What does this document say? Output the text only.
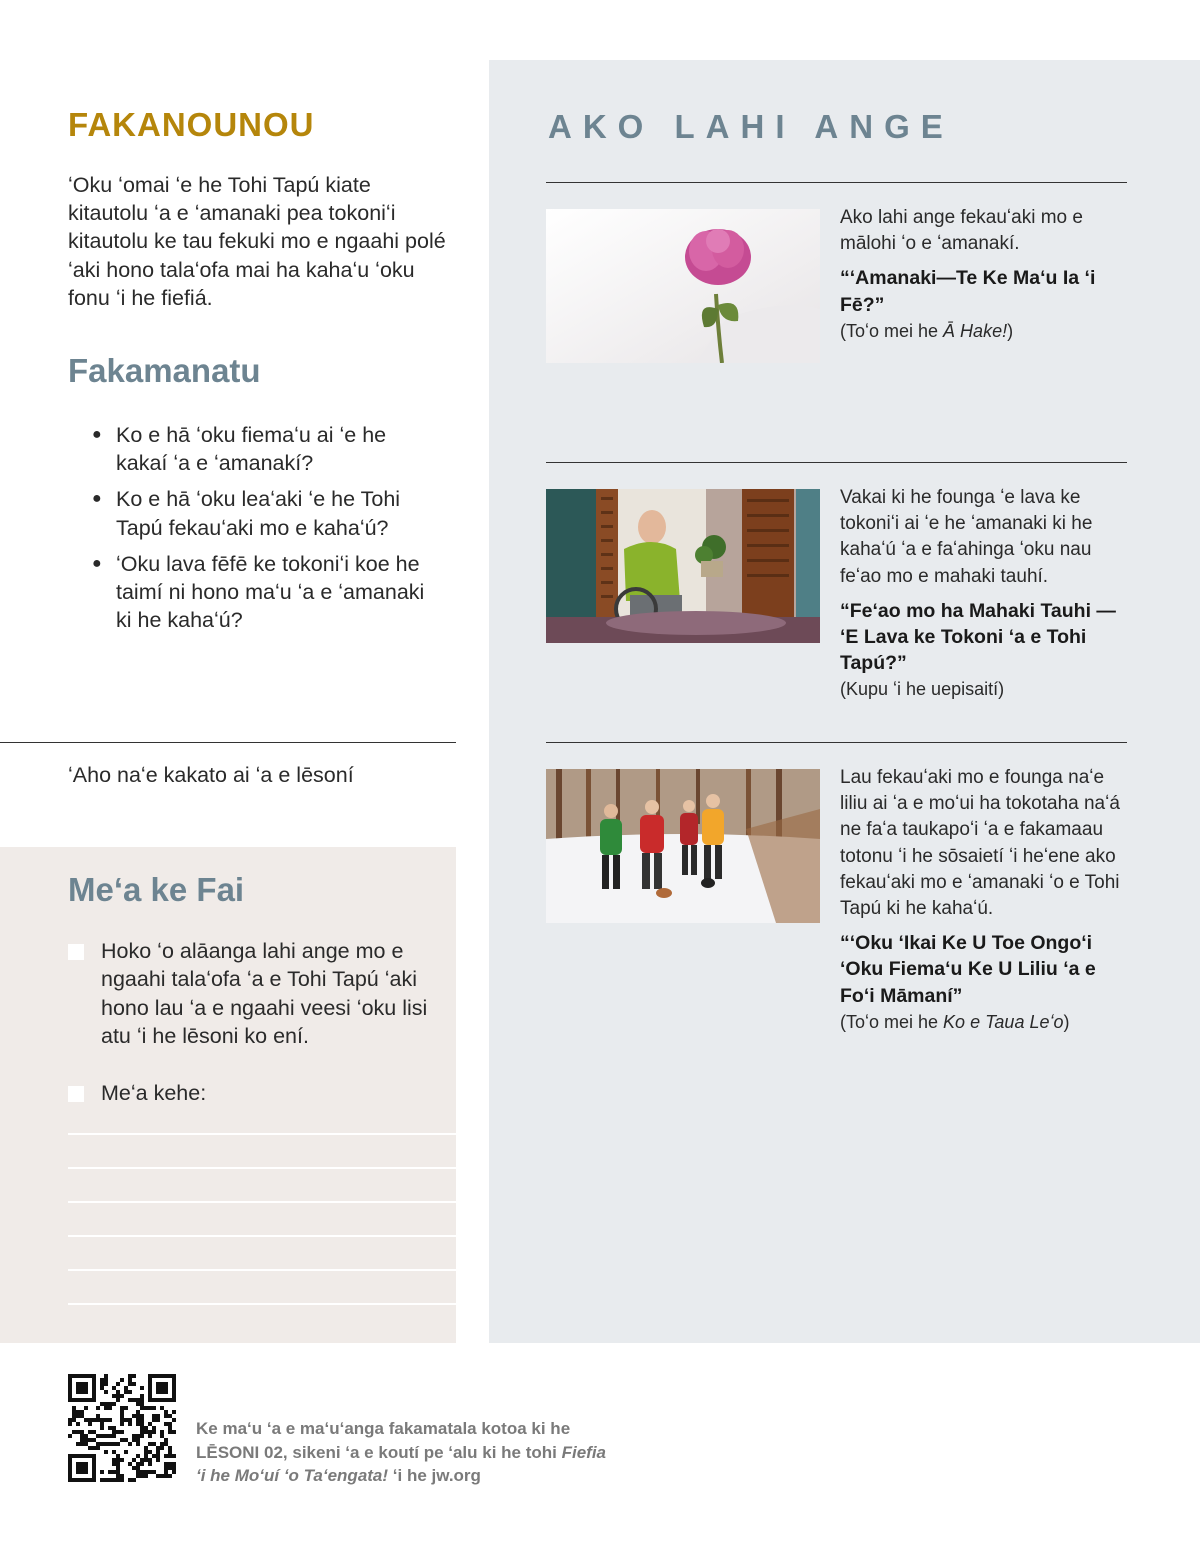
FAKANOUNOU

ʻOku ʻomai ʻe he Tohi Tapú kiate kitautolu ʻa e ʻamanaki pea tokoniʻi kitautolu ke tau fekuki mo e ngaahi polé ʻaki hono talaʻofa mai ha kahaʻu ʻoku fonu ʻi he fiefiá.

Fakamanatu
● Ko e hā ʻoku fiemaʻu ai ʻe he kakaí ʻa e ʻamanakí?
● Ko e hā ʻoku leaʻaki ʻe he Tohi Tapú fekauʻaki mo e kahaʻú?
● ʻOku lava fēfē ke tokoniʻi koe he taimí ni hono maʻu ʻa e ʻamanaki ki he kahaʻú?
ʻAho naʻe kakato ai ʻa e lēsoní
Meʻa ke Fai
Hoko ʻo alāanga lahi ange mo e ngaahi talaʻofa ʻa e Tohi Tapú ʻaki hono lau ʻa e ngaahi veesi ʻoku lisi atu ʻi he lēsoni ko ení.
Meʻa kehe:
AKO LAHI ANGE
Ako lahi ange fekauʻaki mo e mālohi ʻo e ʻamanakí.
“ʻAmanaki—Te Ke Maʻu Ia ʻi Fē?”
(Toʻo mei he Ā Hake!)
Vakai ki he founga ʻe lava ke tokoniʻi ai ʻe he ʻamanaki ki he kahaʻú ʻa e faʻahinga ʻoku nau feʻao mo e mahaki tauhí.
“Feʻao mo ha Mahaki Tauhi —ʻE Lava ke Tokoni ʻa e Tohi Tapú?”
(Kupu ʻi he uepisaití)
Lau fekauʻaki mo e founga naʻe liliu ai ʻa e moʻui ha tokotaha naʻá ne faʻa taukapoʻi ʻa e fakamaau totonu ʻi he sōsaietí ʻi heʻene ako fekauʻaki mo e ʻamanaki ʻo e Tohi Tapú ki he kahaʻú.
“ʻOku ʻIkai Ke U Toe Ongoʻi ʻOku Fiemaʻu Ke U Liliu ʻa e Foʻi Māmaní”
(Toʻo mei he Ko e Taua Leʻo)
Ke maʻu ʻa e maʻuʻanga fakamatala kotoa ki he LĒSONI 02, sikeni ʻa e koutí pe ʻalu ki he tohi Fiefia ʻi he Moʻuí ʻo Taʻengata! ʻi he jw.org
